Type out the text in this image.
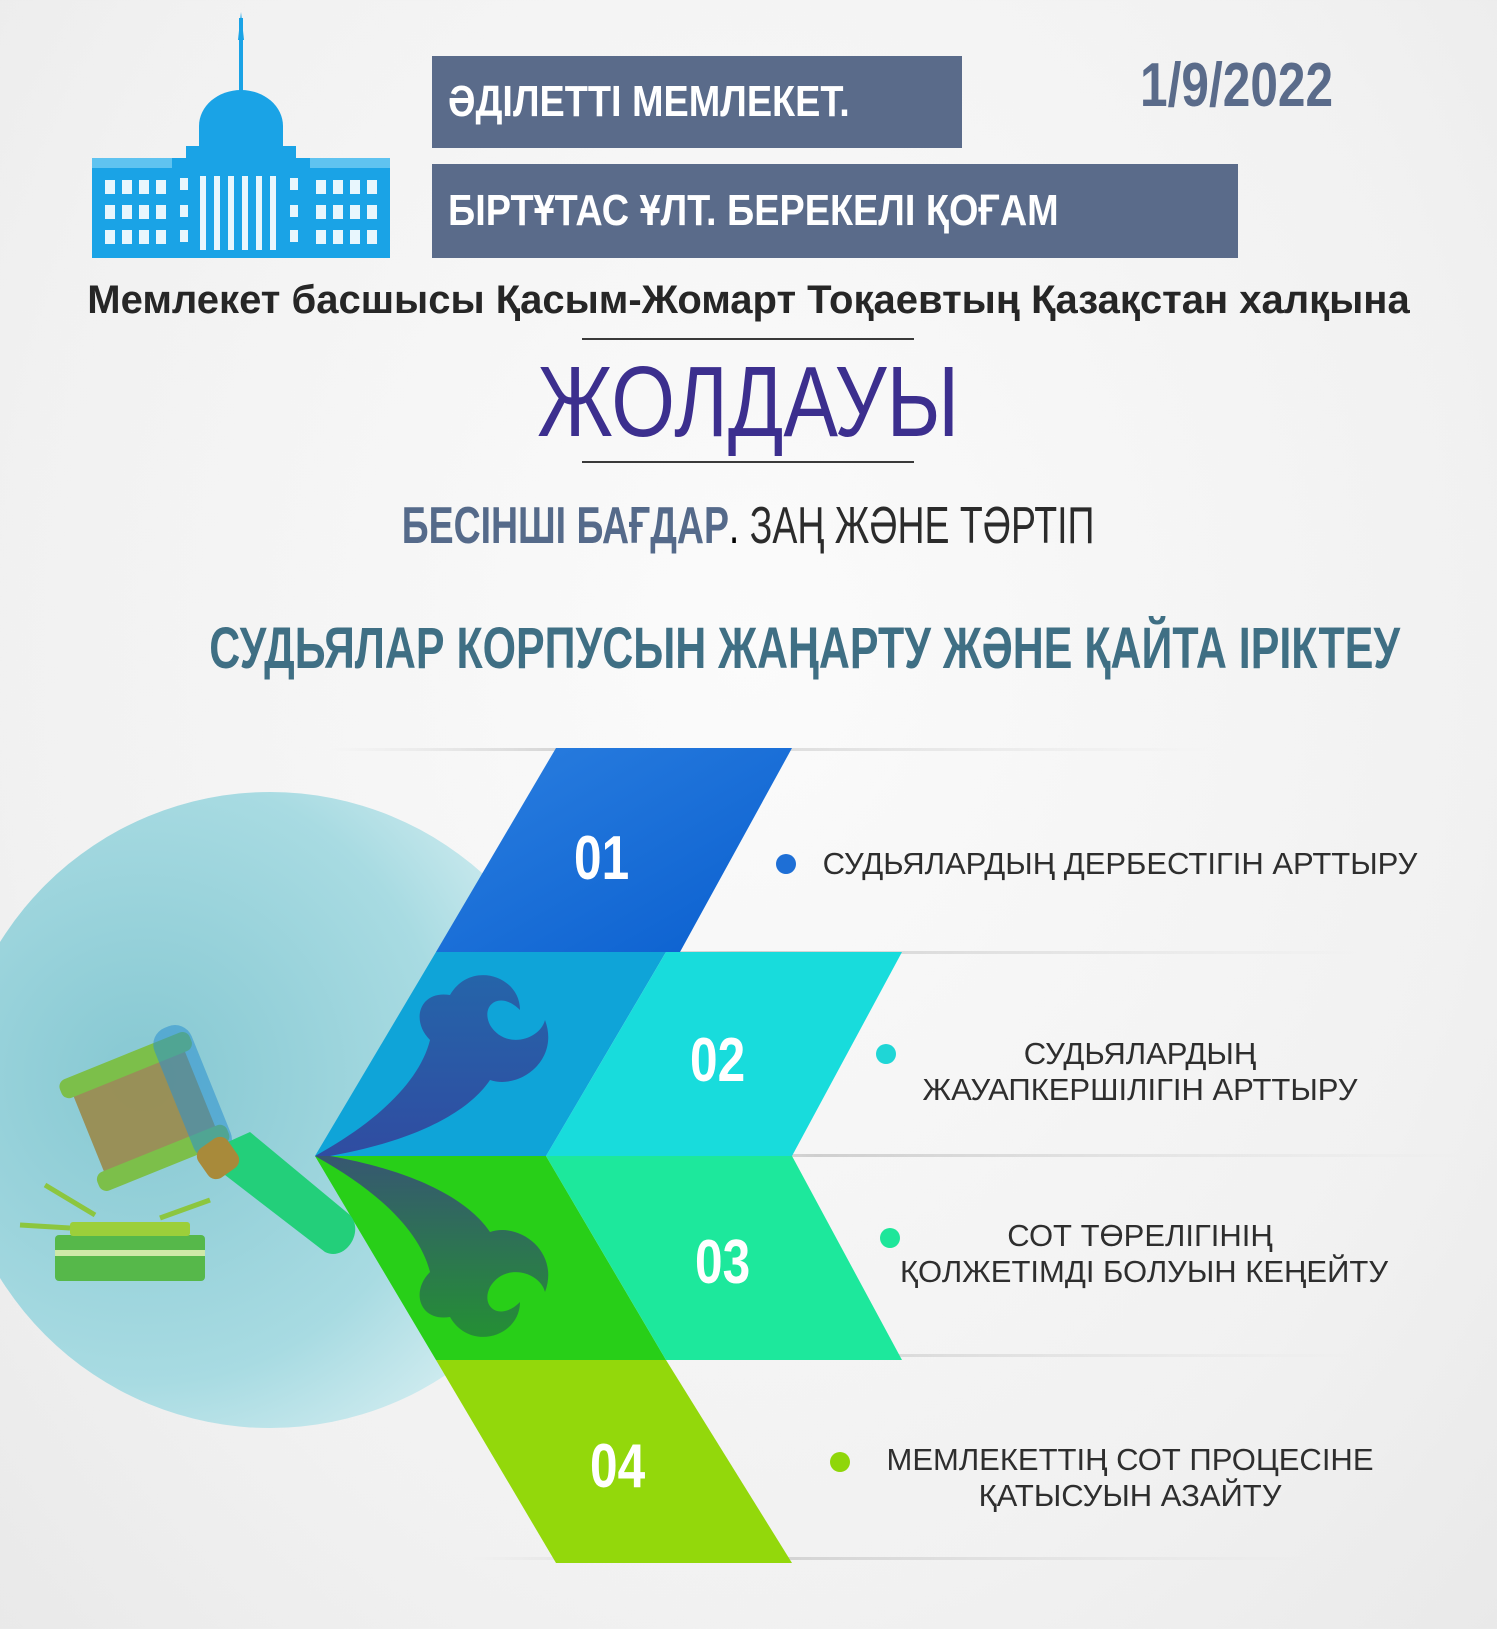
ӘДІЛЕТТІ МЕМЛЕКЕТ.
БІРТҰТАС ҰЛТ. БЕРЕКЕЛІ ҚОҒАМ
1/9/2022
Мемлекет басшысы Қасым-Жомарт Тоқаевтың Қазақстан халқына
ЖОЛДАУЫ
БЕСІНШІ БАҒДАР. ЗАҢ ЖӘНЕ ТӘРТІП
СУДЬЯЛАР КОРПУСЫН ЖАҢАРТУ ЖӘНЕ ҚАЙТА ІРІКТЕУ
01
02
03
04
СУДЬЯЛАРДЫҢ ДЕРБЕСТІГІН АРТТЫРУ
СУДЬЯЛАРДЫҢ
ЖАУАПКЕРШІЛІГІН АРТТЫРУ
СОТ ТӨРЕЛІГІНІҢ
ҚОЛЖЕТІМДІ БОЛУЫН КЕҢЕЙТУ
МЕМЛЕКЕТТІҢ СОТ ПРОЦЕСІНЕ
ҚАТЫСУЫН АЗАЙТУ
